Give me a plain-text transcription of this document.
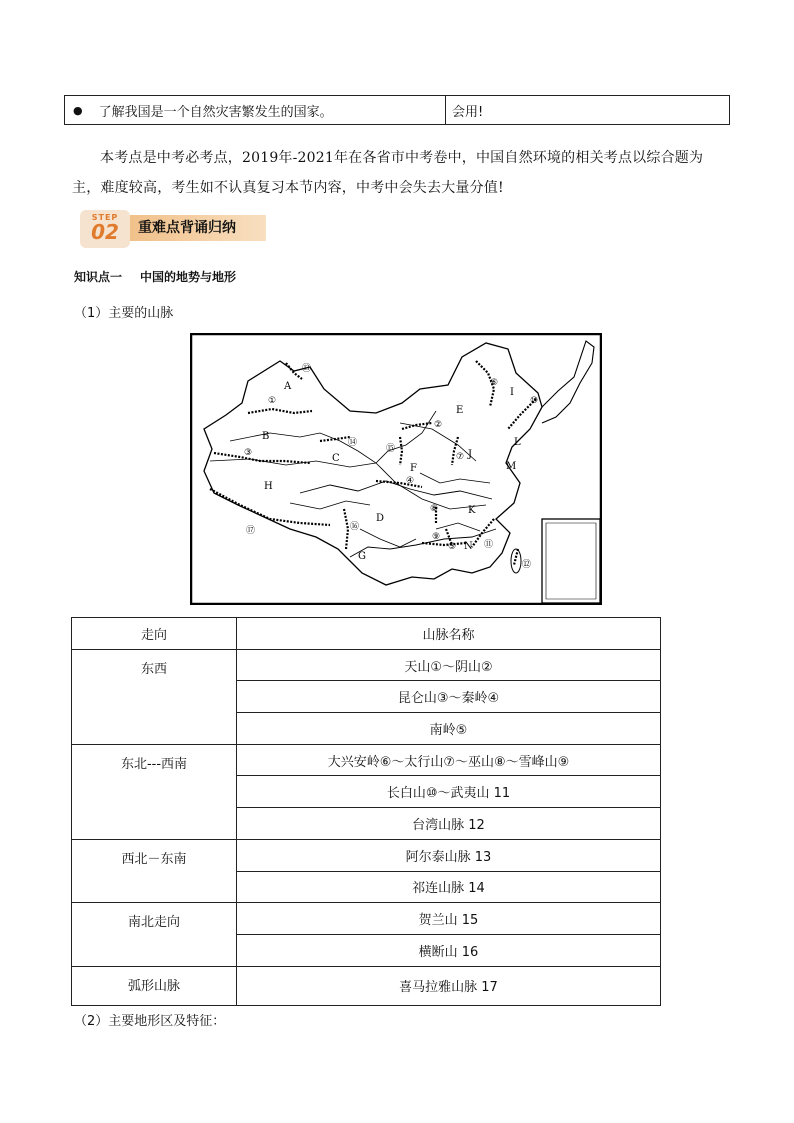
● 了解我国是一个自然灾害繁发生的国家。	会用!
本考点是中考必考点，2019年-2021年在各省市中考卷中，中国自然环境的相关考点以综合题为主，难度较高，考生如不认真复习本节内容，中考中会失去大量分值!
重难点背诵归纳
STEP
02
知识点一 中国的地势与地形
（1）主要的山脉
A
B
C
D
E
F
G
H
I
J
K
L
M
N
①
②
③
④
⑤
⑥
⑦
⑧
⑨
⑩
⑪
⑫
⑬
⑭
⑮
⑯
⑰
走向	山脉名称
东西	天山①～阴山②
	昆仑山③～秦岭④
	南岭⑤
东北---西南	大兴安岭⑥～太行山⑦～巫山⑧～雪峰山⑨
	长白山⑩～武夷山 11
	台湾山脉 12
西北－东南	阿尔泰山脉 13
	祁连山脉 14
南北走向	贺兰山 15
	横断山 16
弧形山脉	喜马拉雅山脉 17
（2）主要地形区及特征：
